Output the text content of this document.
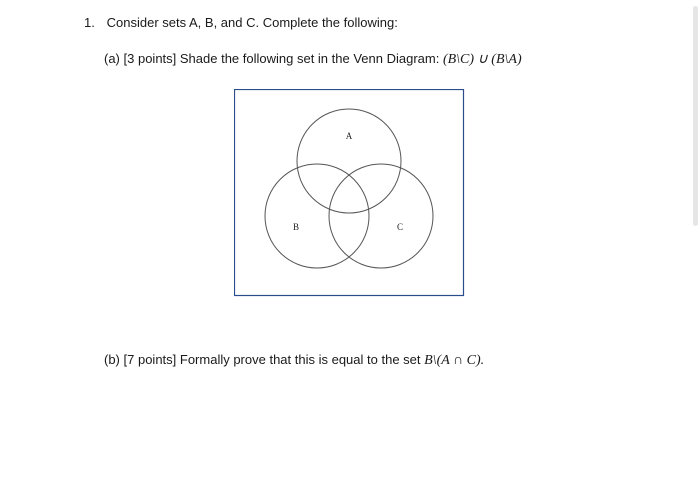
1. Consider sets A, B, and C. Complete the following:
(a) [3 points] Shade the following set in the Venn Diagram: (B\C) ∪ (B\A)
A
B	C
(b) [7 points] Formally prove that this is equal to the set B\(A ∩ C).
